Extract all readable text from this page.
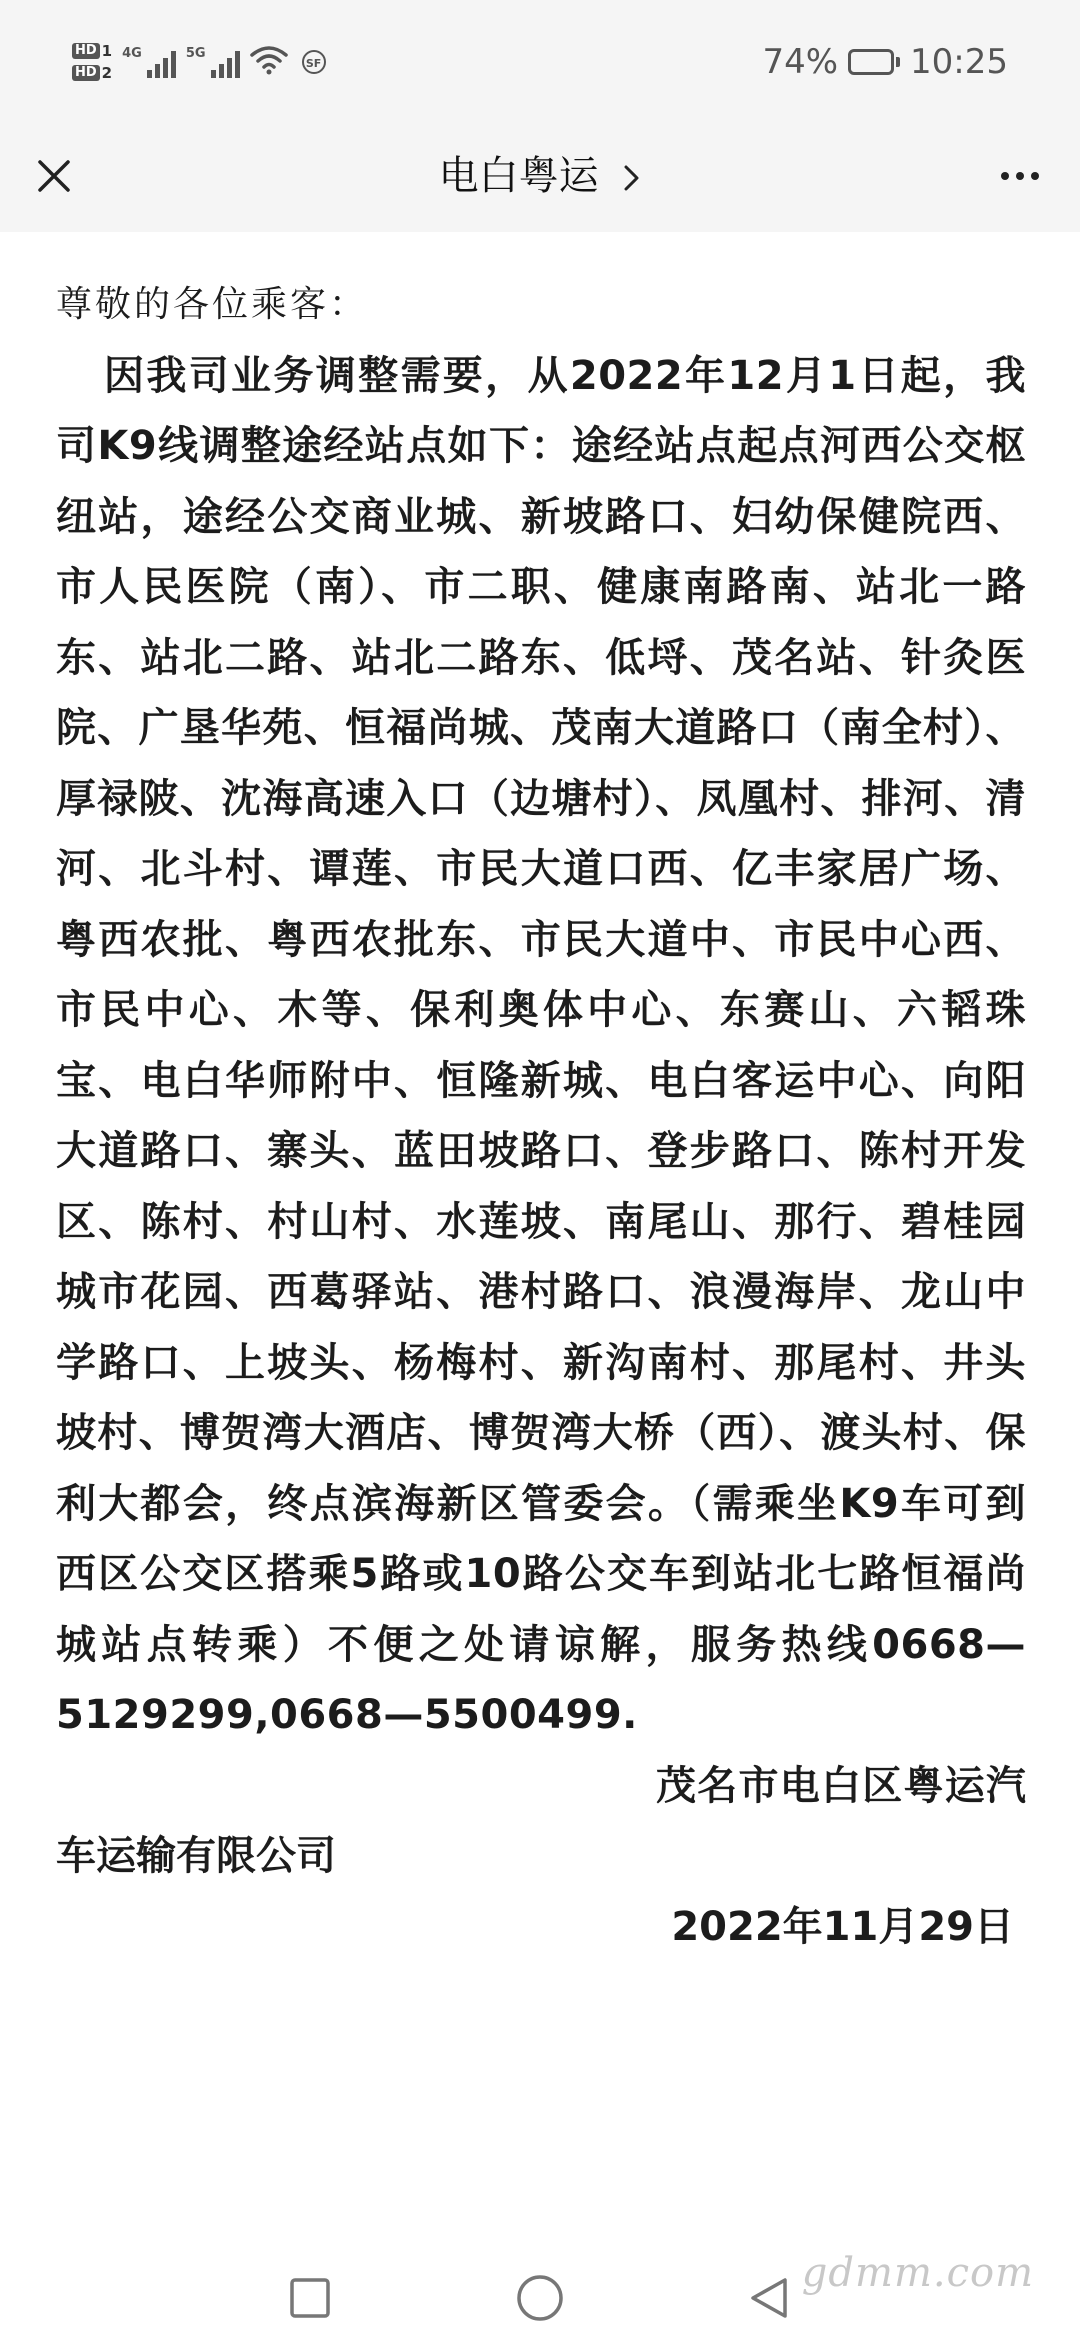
HD 1
HD 2
4G	5G
SF	74% 10:25
电白粤运

尊敬的各位乘客：

因我司业务调整需要，从2022年12月1日起，我司K9线调整途经站点如下：途经站点起点河西公交枢纽站，途经公交商业城、新坡路口、妇幼保健院西、市人民医院（南）、市二职、健康南路南、站北一路东、站北二路、站北二路东、低埒、茂名站、针灸医院、广垦华苑、恒福尚城、茂南大道路口（南全村）、厚禄陂、沈海高速入口（边塘村）、凤凰村、排河、清河、北斗村、谭莲、市民大道口西、亿丰家居广场、粤西农批、粤西农批东、市民大道中、市民中心西、市民中心、木等、保利奥体中心、东赛山、六韬珠宝、电白华师附中、恒隆新城、电白客运中心、向阳大道路口、寨头、蓝田坡路口、登步路口、陈村开发区、陈村、村山村、水莲坡、南尾山、那行、碧桂园城市花园、西葛驿站、港村路口、浪漫海岸、龙山中学路口、上坡头、杨梅村、新沟南村、那尾村、井头坡村、博贺湾大酒店、博贺湾大桥（西）、渡头村、保利大都会，终点滨海新区管委会。（需乘坐K9车可到西区公交区搭乘5路或10路公交车到站北七路恒福尚城站点转乘）不便之处请谅解，服务热线0668—5129299,0668—5500499.

茂名市电白区粤运汽车运输有限公司

2022年11月29日

gdmm.com
